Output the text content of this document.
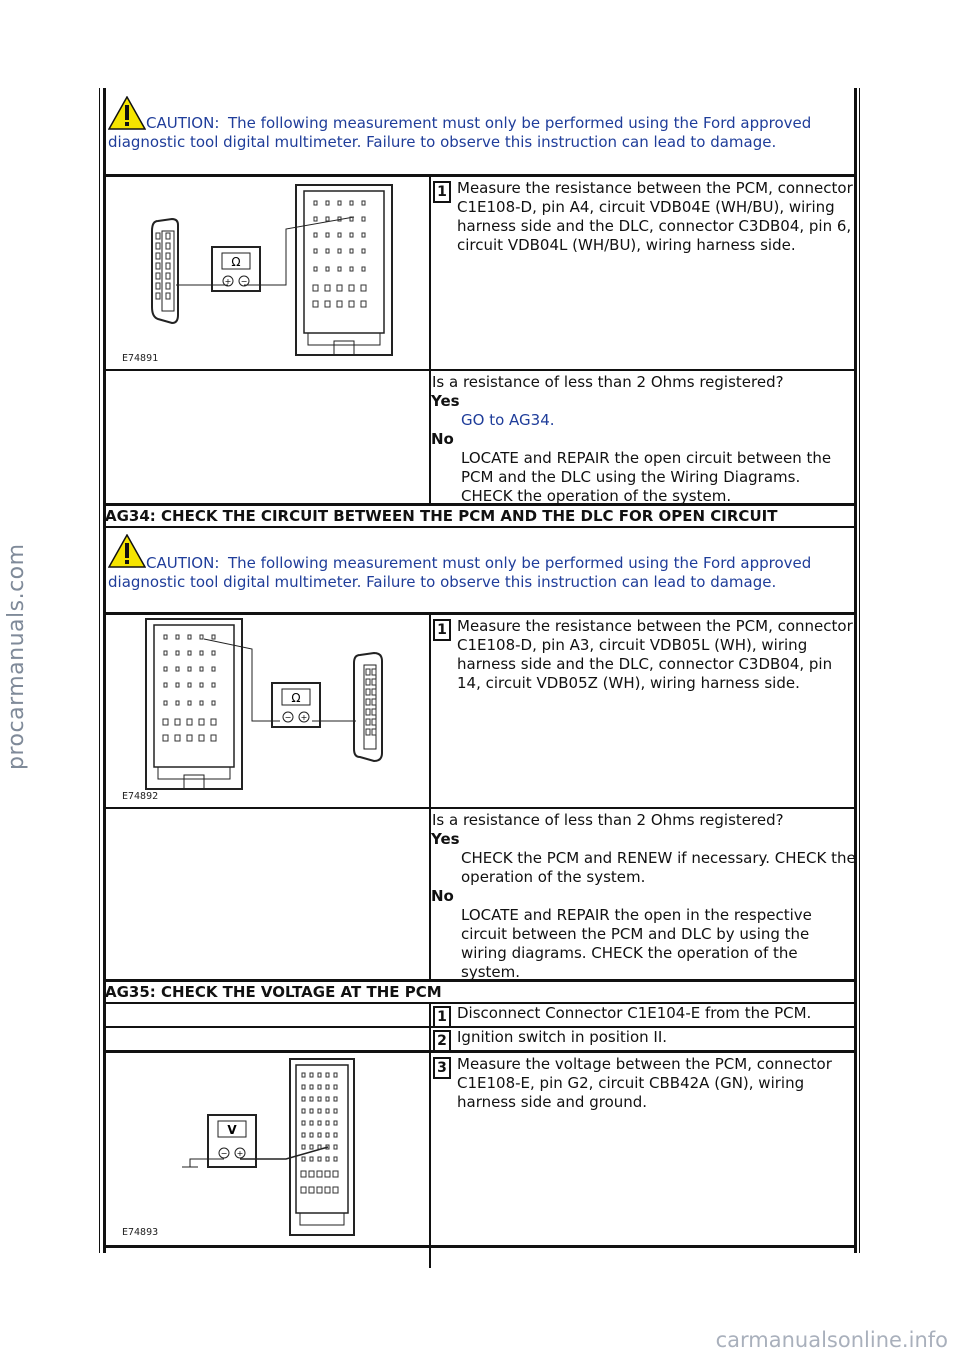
CAUTION: The following measurement must only be performed using the Ford approved diagnostic tool digital multimeter. Failure to observe this instruction can lead to damage.
Ω
+ −
E74891
1 Measure the resistance between the PCM, connector C1E108-D, pin A4, circuit VDB04E (WH/BU), wiring harness side and the DLC, connector C3DB04, pin 6, circuit VDB04L (WH/BU), wiring harness side.
Is a resistance of less than 2 Ohms registered?
Yes
GO to AG34.
No
LOCATE and REPAIR the open circuit between the PCM and the DLC using the Wiring Diagrams. CHECK the operation of the system.
AG34: CHECK THE CIRCUIT BETWEEN THE PCM AND THE DLC FOR OPEN CIRCUIT
CAUTION: The following measurement must only be performed using the Ford approved diagnostic tool digital multimeter. Failure to observe this instruction can lead to damage.
Ω
− +
E74892
1 Measure the resistance between the PCM, connector C1E108-D, pin A3, circuit VDB05L (WH), wiring harness side and the DLC, connector C3DB04, pin 14, circuit VDB05Z (WH), wiring harness side.
Is a resistance of less than 2 Ohms registered?
Yes
CHECK the PCM and RENEW if necessary. CHECK the operation of the system.
No
LOCATE and REPAIR the open in the respective circuit between the PCM and DLC by using the wiring diagrams. CHECK the operation of the system.
AG35: CHECK THE VOLTAGE AT THE PCM
1 Disconnect Connector C1E104-E from the PCM.
2 Ignition switch in position II.
V
− +
E74893
3 Measure the voltage between the PCM, connector C1E108-E, pin G2, circuit CBB42A (GN), wiring harness side and ground.
procarmanuals.com
carmanualsonline.info
